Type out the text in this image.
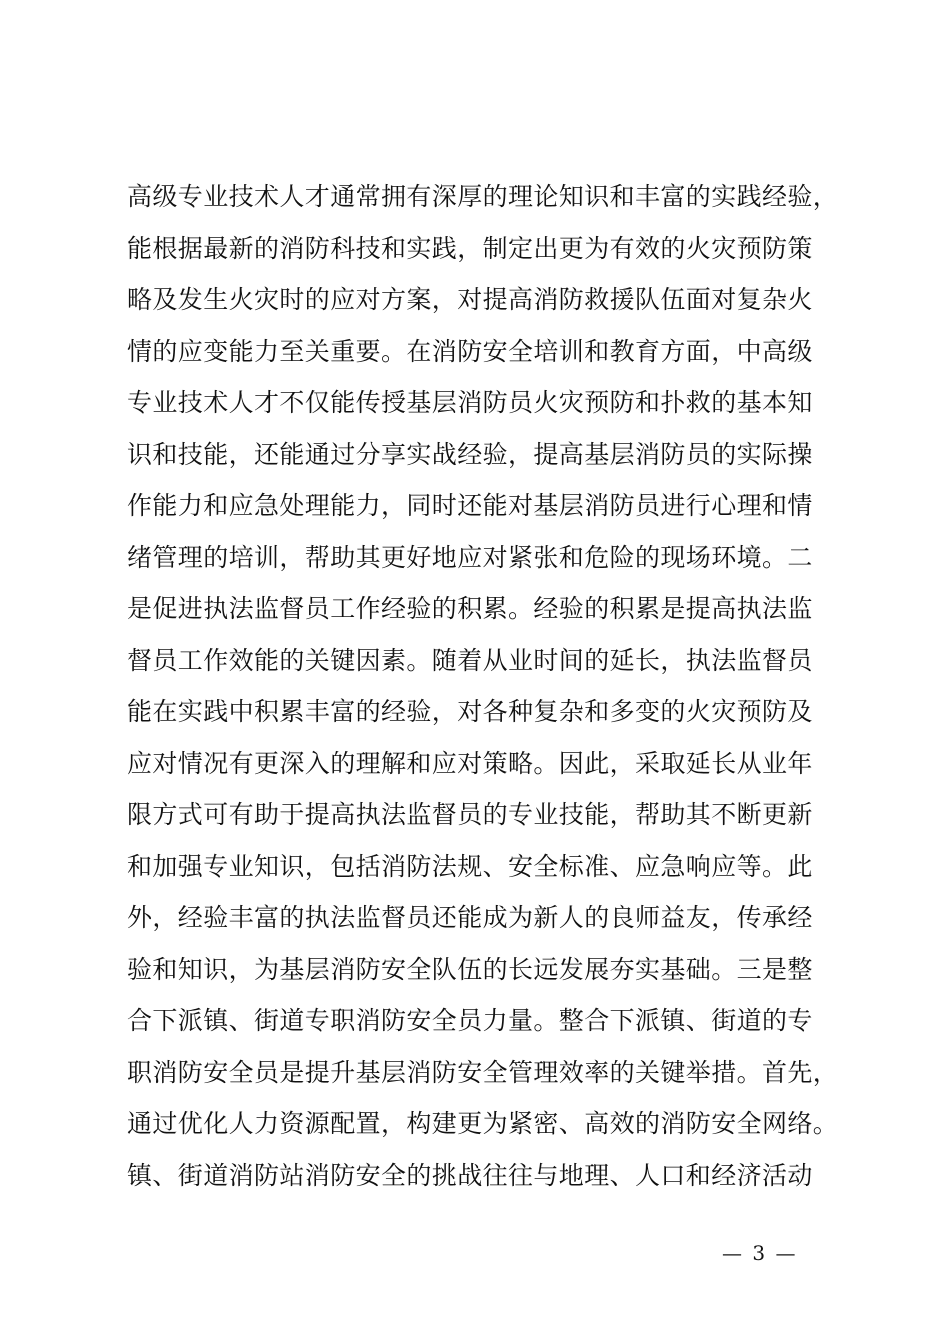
高级专业技术人才通常拥有深厚的理论知识和丰富的实践经验，
能根据最新的消防科技和实践，制定出更为有效的火灾预防策
略及发生火灾时的应对方案，对提高消防救援队伍面对复杂火
情的应变能力至关重要。在消防安全培训和教育方面，中高级
专业技术人才不仅能传授基层消防员火灾预防和扑救的基本知
识和技能，还能通过分享实战经验，提高基层消防员的实际操
作能力和应急处理能力，同时还能对基层消防员进行心理和情
绪管理的培训，帮助其更好地应对紧张和危险的现场环境。二
是促进执法监督员工作经验的积累。经验的积累是提高执法监
督员工作效能的关键因素。随着从业时间的延长，执法监督员
能在实践中积累丰富的经验，对各种复杂和多变的火灾预防及
应对情况有更深入的理解和应对策略。因此，采取延长从业年
限方式可有助于提高执法监督员的专业技能，帮助其不断更新
和加强专业知识，包括消防法规、安全标准、应急响应等。此
外，经验丰富的执法监督员还能成为新人的良师益友，传承经
验和知识，为基层消防安全队伍的长远发展夯实基础。三是整
合下派镇、街道专职消防安全员力量。整合下派镇、街道的专
职消防安全员是提升基层消防安全管理效率的关键举措。首先，
通过优化人力资源配置，构建更为紧密、高效的消防安全网络。
镇、街道消防站消防安全的挑战往往与地理、人口和经济活动
— 3 —
